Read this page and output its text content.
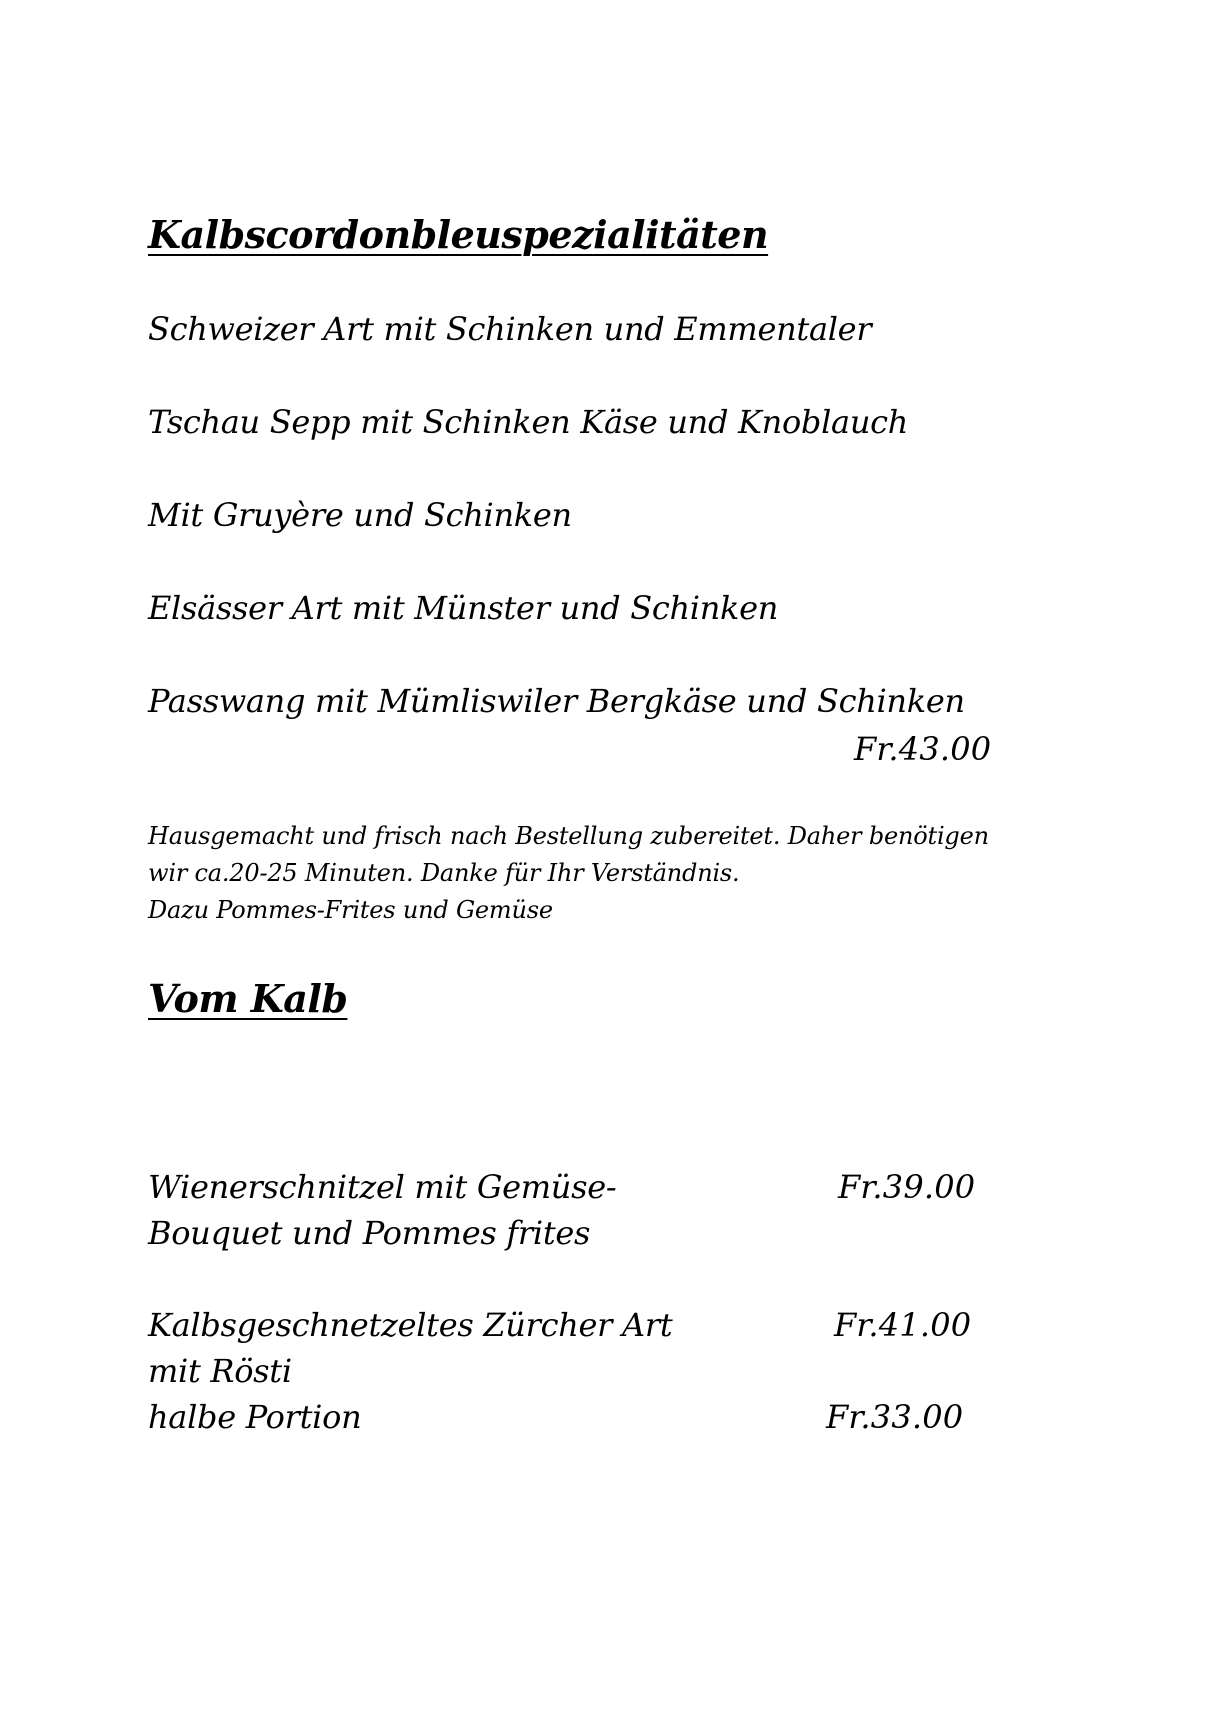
Kalbscordonbleuspezialitäten
Schweizer Art mit Schinken und Emmentaler
Tschau Sepp mit Schinken Käse und Knoblauch
Mit Gruyère und Schinken
Elsässer Art mit Münster und Schinken
Passwang mit Mümliswiler Bergkäse und Schinken
Fr.43.00
Hausgemacht und frisch nach Bestellung zubereitet. Daher benötigen
wir ca.20-25 Minuten. Danke für Ihr Verständnis.
Dazu Pommes-Frites und Gemüse
Vom Kalb
Wienerschnitzel mit Gemüse-
Bouquet und Pommes frites
Fr.39.00
Kalbsgeschnetzeltes Zürcher Art
mit Rösti
Fr.41.00
halbe Portion	Fr.33.00
